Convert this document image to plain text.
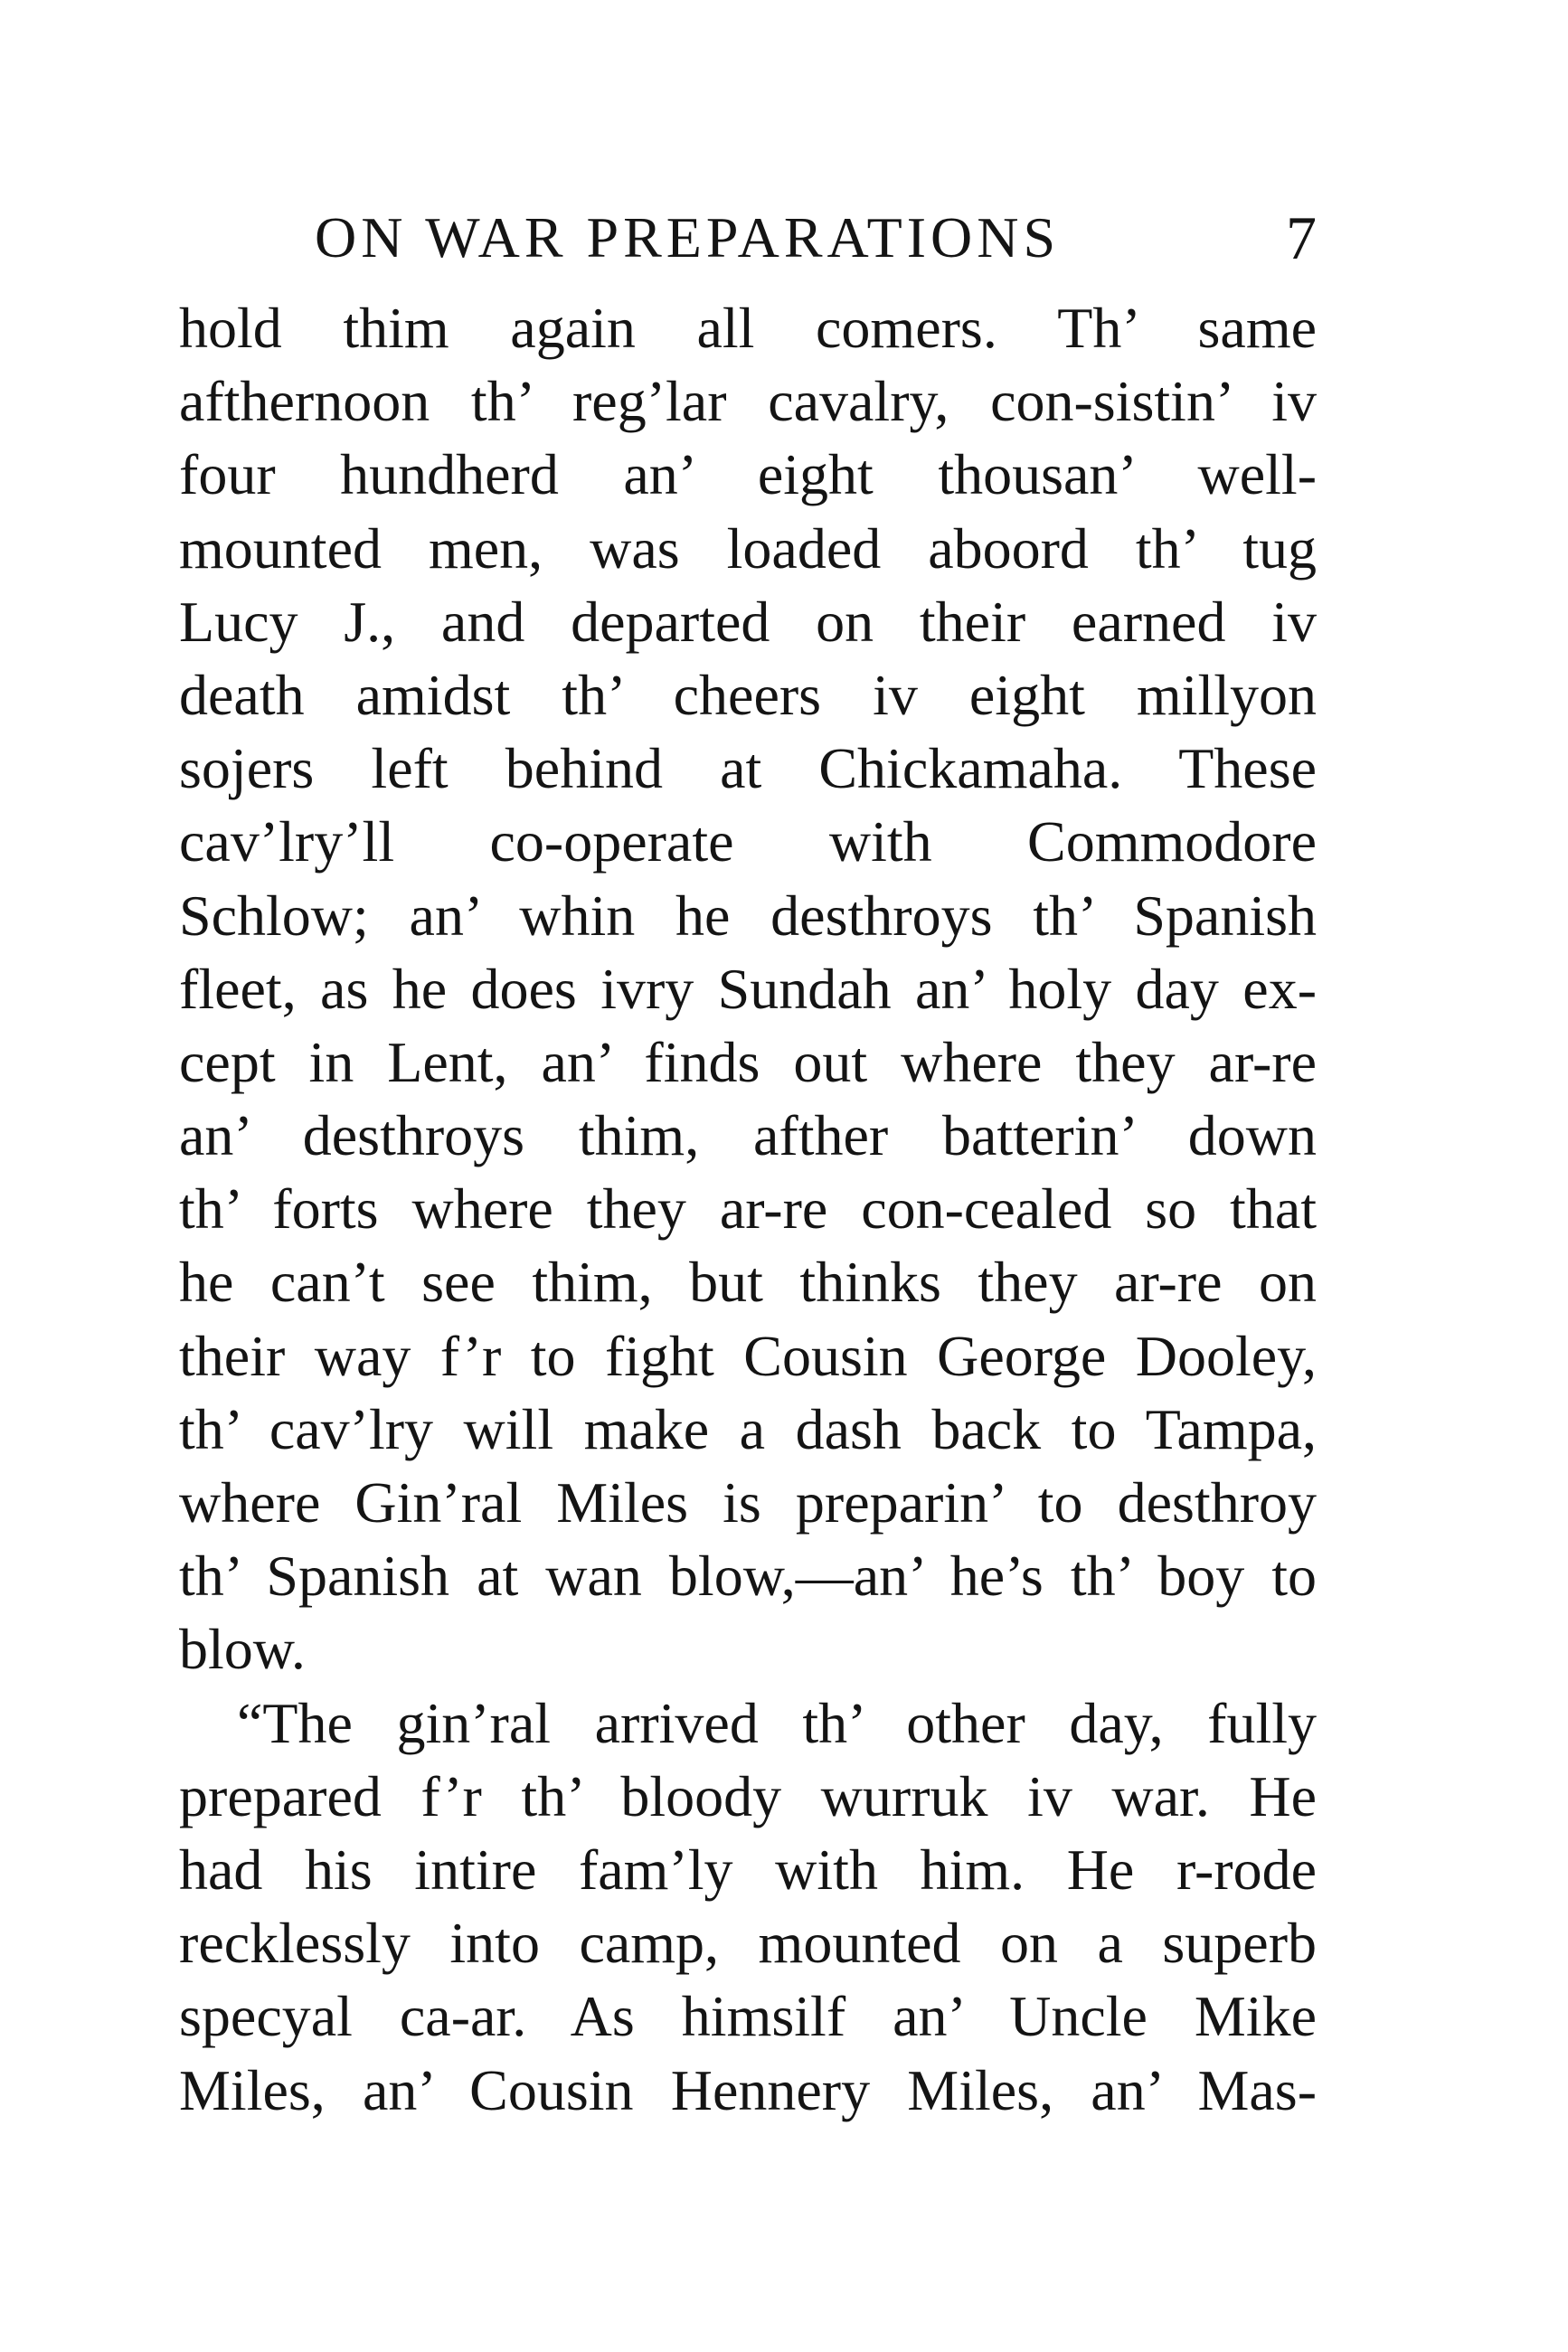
ON WAR PREPARATIONS	7
hold thim again all comers. Th’ same
afthernoon th’ reg’lar cavalry, con-sistin’ iv
four hundherd an’ eight thousan’ well-
mounted men, was loaded aboord th’ tug
Lucy J., and departed on their earned iv
death amidst th’ cheers iv eight millyon
sojers left behind at Chickamaha. These
cav’lry’ll co-operate with Commodore
Schlow; an’ whin he desthroys th’ Spanish
fleet, as he does ivry Sundah an’ holy day ex-
cept in Lent, an’ finds out where they ar-re
an’ desthroys thim, afther batterin’ down
th’ forts where they ar-re con-cealed so that
he can’t see thim, but thinks they ar-re on
their way f’r to fight Cousin George Dooley,
th’ cav’lry will make a dash back to Tampa,
where Gin’ral Miles is preparin’ to desthroy
th’ Spanish at wan blow,—an’ he’s th’ boy to
blow.
“The gin’ral arrived th’ other day, fully
prepared f’r th’ bloody wurruk iv war. He
had his intire fam’ly with him. He r-rode
recklessly into camp, mounted on a superb
specyal ca-ar. As himsilf an’ Uncle Mike
Miles, an’ Cousin Hennery Miles, an’ Mas-
